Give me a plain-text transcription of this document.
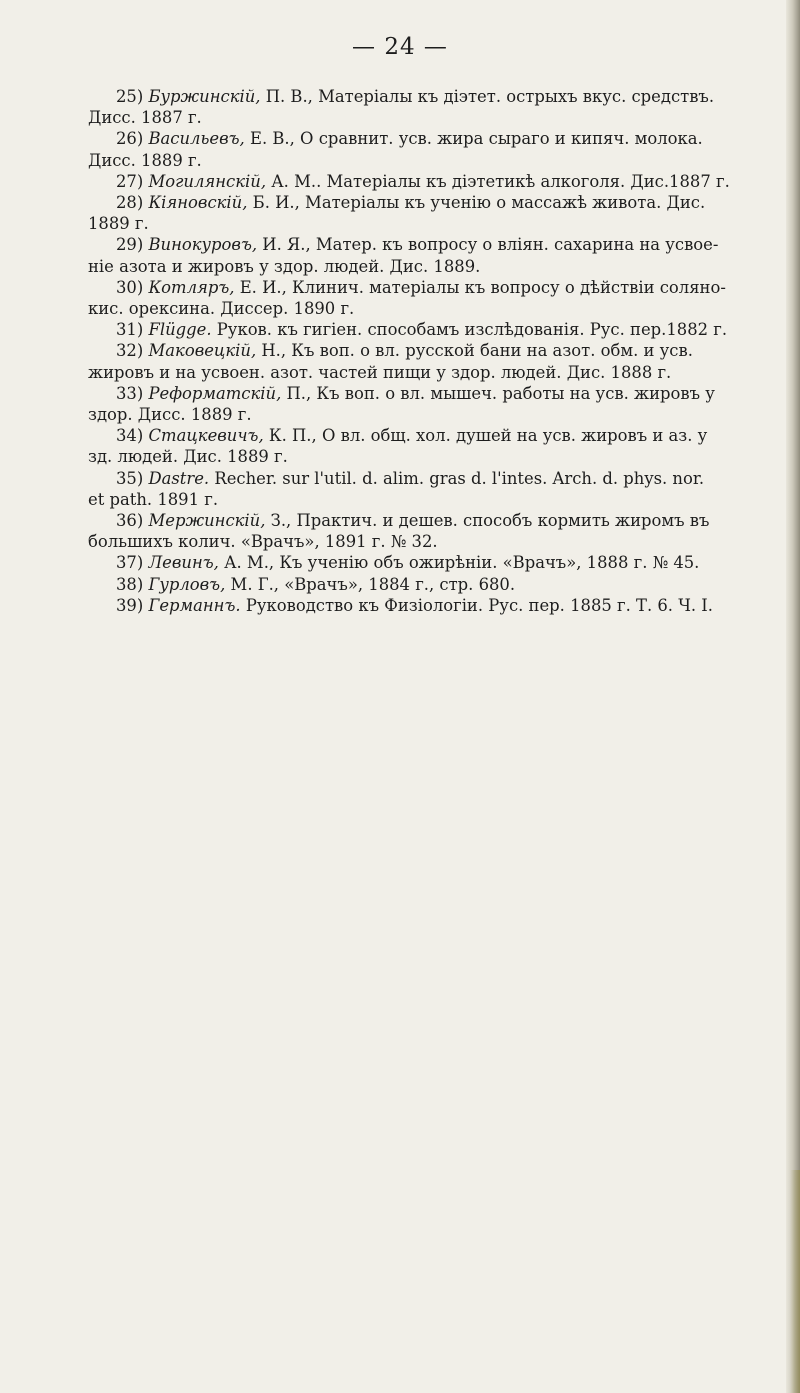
— 24 —

25) Буржинскій, П. В., Матеріалы къ діэтет. острыхъ вкус. средствъ.

Дисс. 1887 г.

26) Васильевъ, Е. В., О сравнит. усв. жира сыраго и кипяч. молока.

Дисс. 1889 г.

27) Могилянскій, А. М.. Матеріалы къ діэтетикѣ алкоголя. Дис.1887 г.

28) Кіяновскій, Б. И., Матеріалы къ ученію о массажѣ живота. Дис.

1889 г.

29) Винокуровъ, И. Я., Матер. къ вопросу о вліян. сахарина на усвое-

ніе азота и жировъ у здор. людей. Дис. 1889.

30) Котляръ, Е. И., Клинич. матеріалы къ вопросу о дѣйствіи соляно-

кис. орексина. Диссер. 1890 г.

31) Flügge. Руков. къ гигіен. способамъ изслѣдованія. Рус. пер.1882 г.

32) Маковецкій, Н., Къ воп. о вл. русской бани на азот. обм. и усв.

жировъ и на усвоен. азот. частей пищи у здор. людей. Дис. 1888 г.

33) Реформатскій, П., Къ воп. о вл. мышеч. работы на усв. жировъ у

здор. Дисс. 1889 г.

34) Стацкевичъ, К. П., О вл. общ. хол. душей на усв. жировъ и аз. у

зд. людей. Дис. 1889 г.

35) Dastre. Recher. sur l'util. d. alim. gras d. l'intes. Arch. d. phys. nor.

et path. 1891 г.

36) Мержинскій, З., Практич. и дешев. способъ кормить жиромъ въ

большихъ колич. «Врачъ», 1891 г. № 32.

37) Левинъ, А. М., Къ ученію объ ожирѣніи. «Врачъ», 1888 г. № 45.

38) Гурловъ, М. Г., «Врачъ», 1884 г., стр. 680.

39) Германнъ. Руководство къ Физіологіи. Рус. пер. 1885 г. Т. 6. Ч. I.
